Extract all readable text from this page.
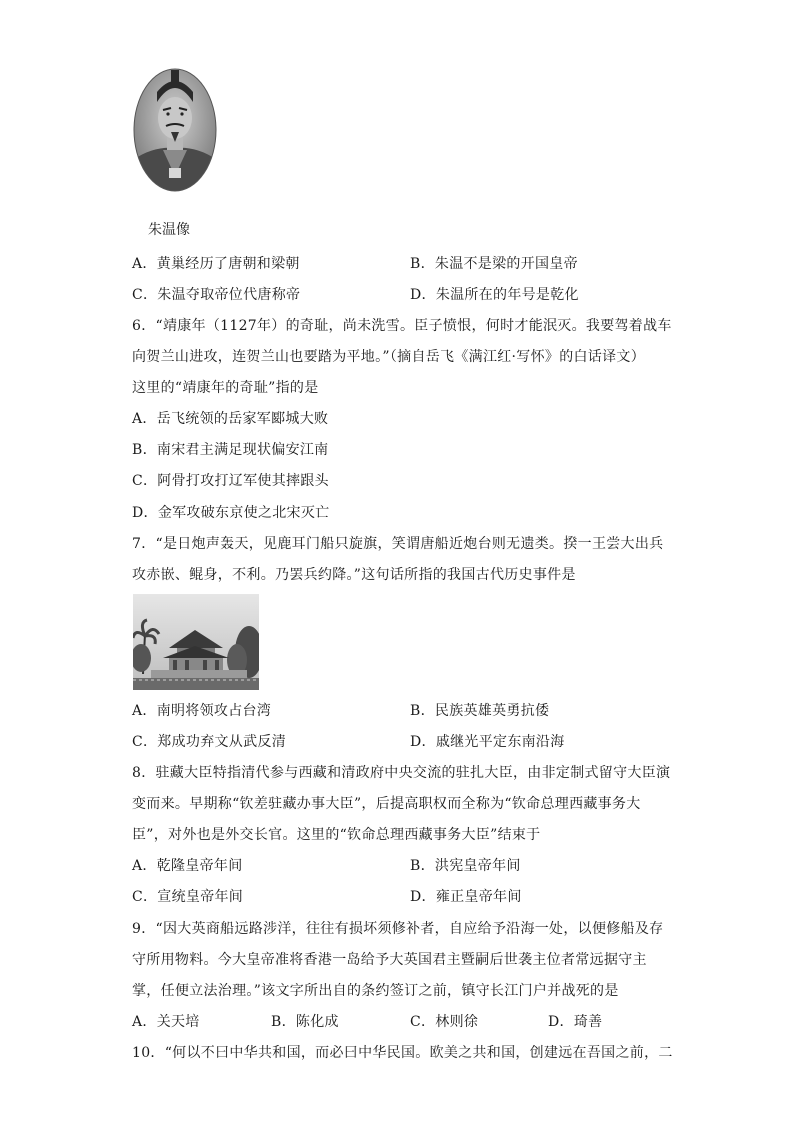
朱温像
A．黄巢经历了唐朝和梁朝	B．朱温不是梁的开国皇帝
C．朱温夺取帝位代唐称帝	D．朱温所在的年号是乾化
6．“靖康年（1127年）的奇耻，尚未洗雪。臣子愤恨，何时才能泯灭。我要驾着战车
向贺兰山进攻，连贺兰山也要踏为平地。”（摘自岳飞《满江红·写怀》的白话译文）
这里的“靖康年的奇耻”指的是
A．岳飞统领的岳家军郾城大败
B．南宋君主满足现状偏安江南
C．阿骨打攻打辽军使其摔跟头
D．金军攻破东京使之北宋灭亡
7．“是日炮声轰天，见鹿耳门船只旋旗，笑谓唐船近炮台则无遗类。揆一王尝大出兵
攻赤嵌、鲲身，不利。乃罢兵约降。”这句话所指的我国古代历史事件是
A．南明将领攻占台湾	B．民族英雄英勇抗倭
C．郑成功弃文从武反清	D．戚继光平定东南沿海
8．驻藏大臣特指清代参与西藏和清政府中央交流的驻扎大臣，由非定制式留守大臣演
变而来。早期称“钦差驻藏办事大臣”，后提高职权而全称为“钦命总理西藏事务大
臣”，对外也是外交长官。这里的“钦命总理西藏事务大臣”结束于
A．乾隆皇帝年间	B．洪宪皇帝年间
C．宣统皇帝年间	D．雍正皇帝年间
9．“因大英商船远路涉洋，往往有损坏须修补者，自应给予沿海一处，以便修船及存
守所用物料。今大皇帝准将香港一岛给予大英国君主暨嗣后世袭主位者常远据守主
掌，任便立法治理。”该文字所出自的条约签订之前，镇守长江门户并战死的是
A．关天培	B．陈化成	C．林则徐	D．琦善
10．“何以不曰中华共和国，而必曰中华民国。欧美之共和国，创建远在吾国之前，二
